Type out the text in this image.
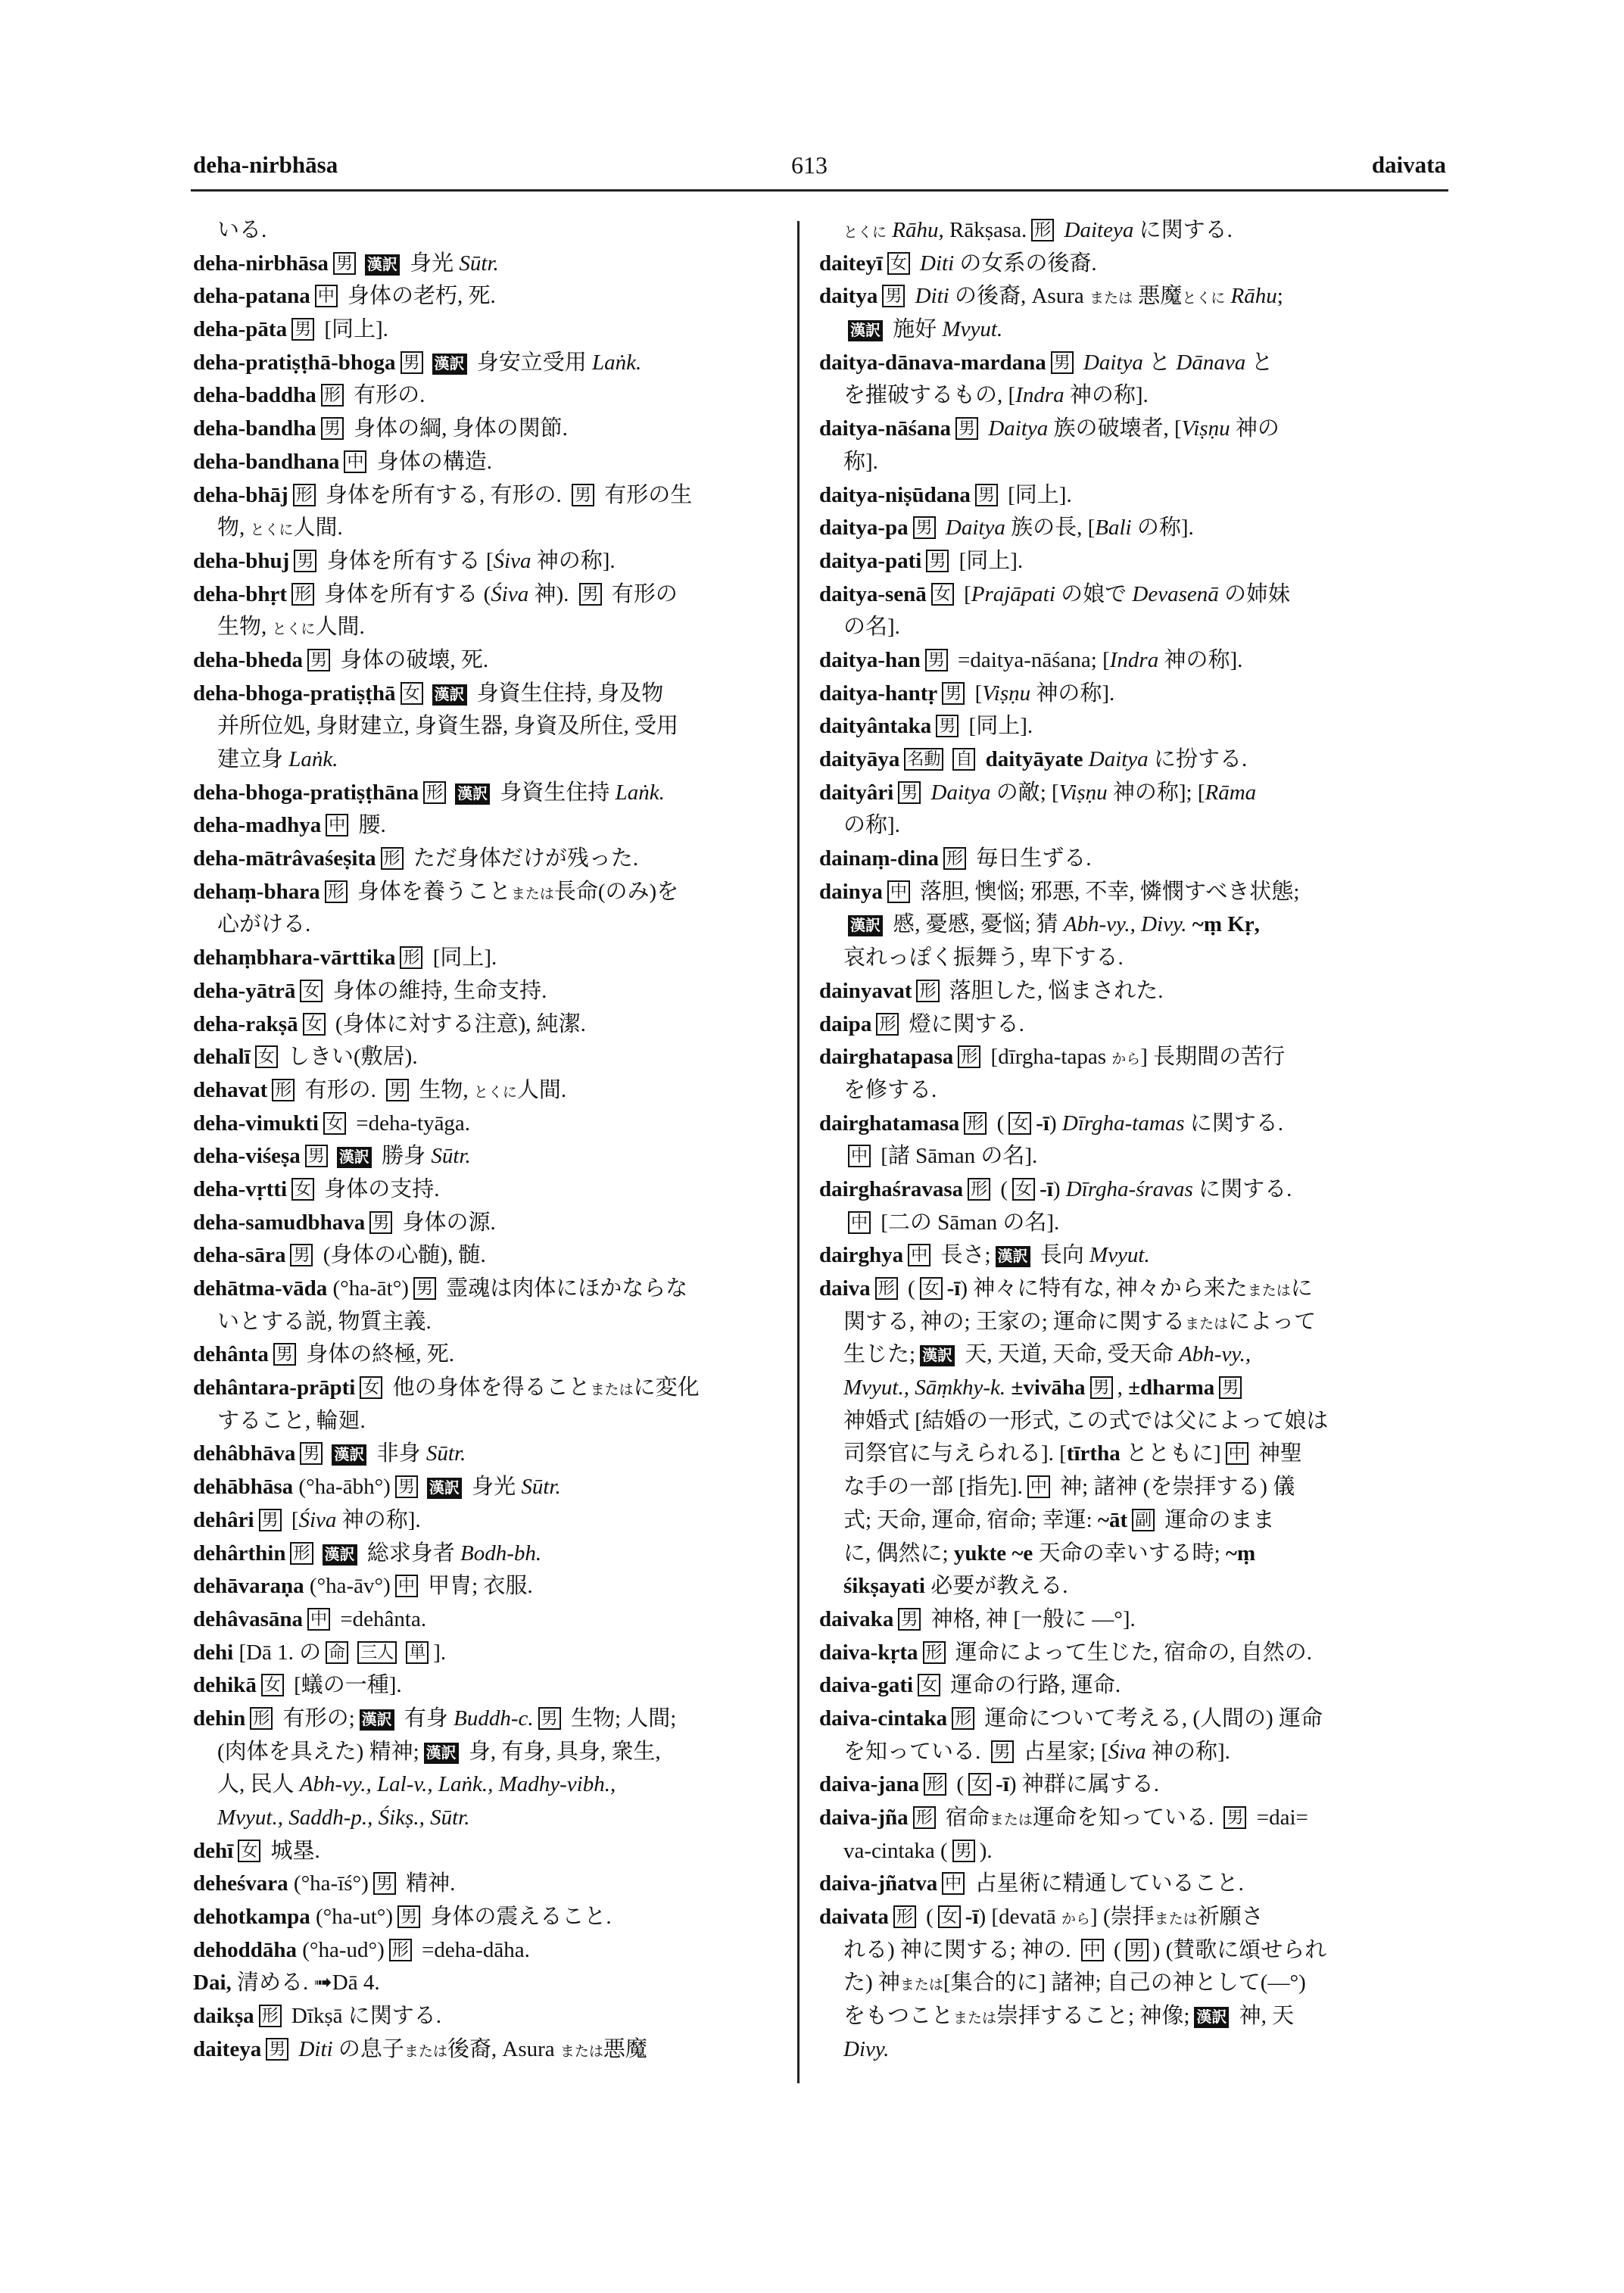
deha-nirbhāsa	613	daivata
いる.
deha-nirbhāsa 男 漢訳 身光 Sūtr.
deha-patana 中 身体の老朽, 死.
deha-pāta 男 [同上].
deha-pratiṣṭhā-bhoga 男 漢訳 身安立受用 Laṅk.
deha-baddha 形 有形の.
deha-bandha 男 身体の綱, 身体の関節.
deha-bandhana 中 身体の構造.
deha-bhāj 形 身体を所有する, 有形の. 男 有形の生
物, とくに人間.
deha-bhuj 男 身体を所有する [Śiva 神の称].
deha-bhṛt 形 身体を所有する (Śiva 神). 男 有形の
生物, とくに人間.
deha-bheda 男 身体の破壊, 死.
deha-bhoga-pratiṣṭhā 女 漢訳 身資生住持, 身及物
并所位処, 身財建立, 身資生器, 身資及所住, 受用
建立身 Laṅk.
deha-bhoga-pratiṣṭhāna 形 漢訳 身資生住持 Laṅk.
deha-madhya 中 腰.
deha-mātrâvaśeṣita 形 ただ身体だけが残った.
dehaṃ-bhara 形 身体を養うことまたは長命(のみ)を
心がける.
dehaṃbhara-vārttika 形 [同上].
deha-yātrā 女 身体の維持, 生命支持.
deha-rakṣā 女 (身体に対する注意), 純潔.
dehalī 女 しきい(敷居).
dehavat 形 有形の. 男 生物, とくに人間.
deha-vimukti 女 =deha-tyāga.
deha-viśeṣa 男 漢訳 勝身 Sūtr.
deha-vṛtti 女 身体の支持.
deha-samudbhava 男 身体の源.
deha-sāra 男 (身体の心髄), 髄.
dehātma-vāda (°ha-āt°) 男 霊魂は肉体にほかならな
いとする説, 物質主義.
dehânta 男 身体の終極, 死.
dehântara-prāpti 女 他の身体を得ることまたはに変化
すること, 輪廻.
dehâbhāva 男 漢訳 非身 Sūtr.
dehābhāsa (°ha-ābh°) 男 漢訳 身光 Sūtr.
dehâri 男 [Śiva 神の称].
dehârthin 形 漢訳 総求身者 Bodh-bh.
dehāvaraṇa (°ha-āv°) 中 甲冑; 衣服.
dehâvasāna 中 =dehânta.
dehi [Dā 1. の 命 三人 単 ].
dehikā 女 [蟻の一種].
dehin 形 有形の; 漢訳 有身 Buddh-c. 男 生物; 人間;
(肉体を具えた) 精神; 漢訳 身, 有身, 具身, 衆生,
人, 民人 Abh-vy., Lal-v., Laṅk., Madhy-vibh.,
Mvyut., Saddh-p., Śikṣ., Sūtr.
dehī 女 城塁.
deheśvara (°ha-īś°) 男 精神.
dehotkampa (°ha-ut°) 男 身体の震えること.
dehoddāha (°ha-ud°) 形 =deha-dāha.
Dai, 清める. ➟Dā 4.
daikṣa 形 Dīkṣā に関する.
daiteya 男 Diti の息子または後裔, Asura または悪魔
とくに Rāhu, Rākṣasa. 形 Daiteya に関する.
daiteyī 女 Diti の女系の後裔.
daitya 男 Diti の後裔, Asura または 悪魔とくに Rāhu;
漢訳 施好 Mvyut.
daitya-dānava-mardana 男 Daitya と Dānava と
を摧破するもの, [Indra 神の称].
daitya-nāśana 男 Daitya 族の破壊者, [Viṣṇu 神の
称].
daitya-niṣūdana 男 [同上].
daitya-pa 男 Daitya 族の長, [Bali の称].
daitya-pati 男 [同上].
daitya-senā 女 [Prajāpati の娘で Devasenā の姉妹
の名].
daitya-han 男 =daitya-nāśana; [Indra 神の称].
daitya-hantṛ 男 [Viṣṇu 神の称].
daityântaka 男 [同上].
daityāya 名動 自 daityāyate Daitya に扮する.
daityâri 男 Daitya の敵; [Viṣṇu 神の称]; [Rāma
の称].
dainaṃ-dina 形 毎日生ずる.
dainya 中 落胆, 懊悩; 邪悪, 不幸, 憐憫すべき状態;
漢訳 慼, 憂慼, 憂悩; 猜 Abh-vy., Divy. ~ṃ Kṛ,
哀れっぽく振舞う, 卑下する.
dainyavat 形 落胆した, 悩まされた.
daipa 形 燈に関する.
dairghatapasa 形 [dīrgha-tapas から] 長期間の苦行
を修する.
dairghatamasa 形 ( 女 -ī) Dīrgha-tamas に関する.
中 [諸 Sāman の名].
dairghaśravasa 形 ( 女 -ī) Dīrgha-śravas に関する.
中 [二の Sāman の名].
dairghya 中 長さ; 漢訳 長向 Mvyut.
daiva 形 ( 女 -ī) 神々に特有な, 神々から来たまたはに
関する, 神の; 王家の; 運命に関するまたはによって
生じた; 漢訳 天, 天道, 天命, 受天命 Abh-vy.,
Mvyut., Sāṃkhy-k. ±vivāha 男 , ±dharma 男
神婚式 [結婚の一形式, この式では父によって娘は
司祭官に与えられる]. [tīrtha とともに] 中 神聖
な手の一部 [指先]. 中 神; 諸神 (を崇拝する) 儀
式; 天命, 運命, 宿命; 幸運: ~āt 副 運命のまま
に, 偶然に; yukte ~e 天命の幸いする時; ~ṃ
śikṣayati 必要が教える.
daivaka 男 神格, 神 [一般に —°].
daiva-kṛta 形 運命によって生じた, 宿命の, 自然の.
daiva-gati 女 運命の行路, 運命.
daiva-cintaka 形 運命について考える, (人間の) 運命
を知っている. 男 占星家; [Śiva 神の称].
daiva-jana 形 ( 女 -ī) 神群に属する.
daiva-jña 形 宿命または運命を知っている. 男 =dai=
va-cintaka ( 男 ).
daiva-jñatva 中 占星術に精通していること.
daivata 形 ( 女 -ī) [devatā から] (崇拝または祈願さ
れる) 神に関する; 神の. 中 ( 男 ) (賛歌に頌せられ
た) 神または[集合的に] 諸神; 自己の神として(—°)
をもつことまたは崇拝すること; 神像; 漢訳 神, 天
Divy.
